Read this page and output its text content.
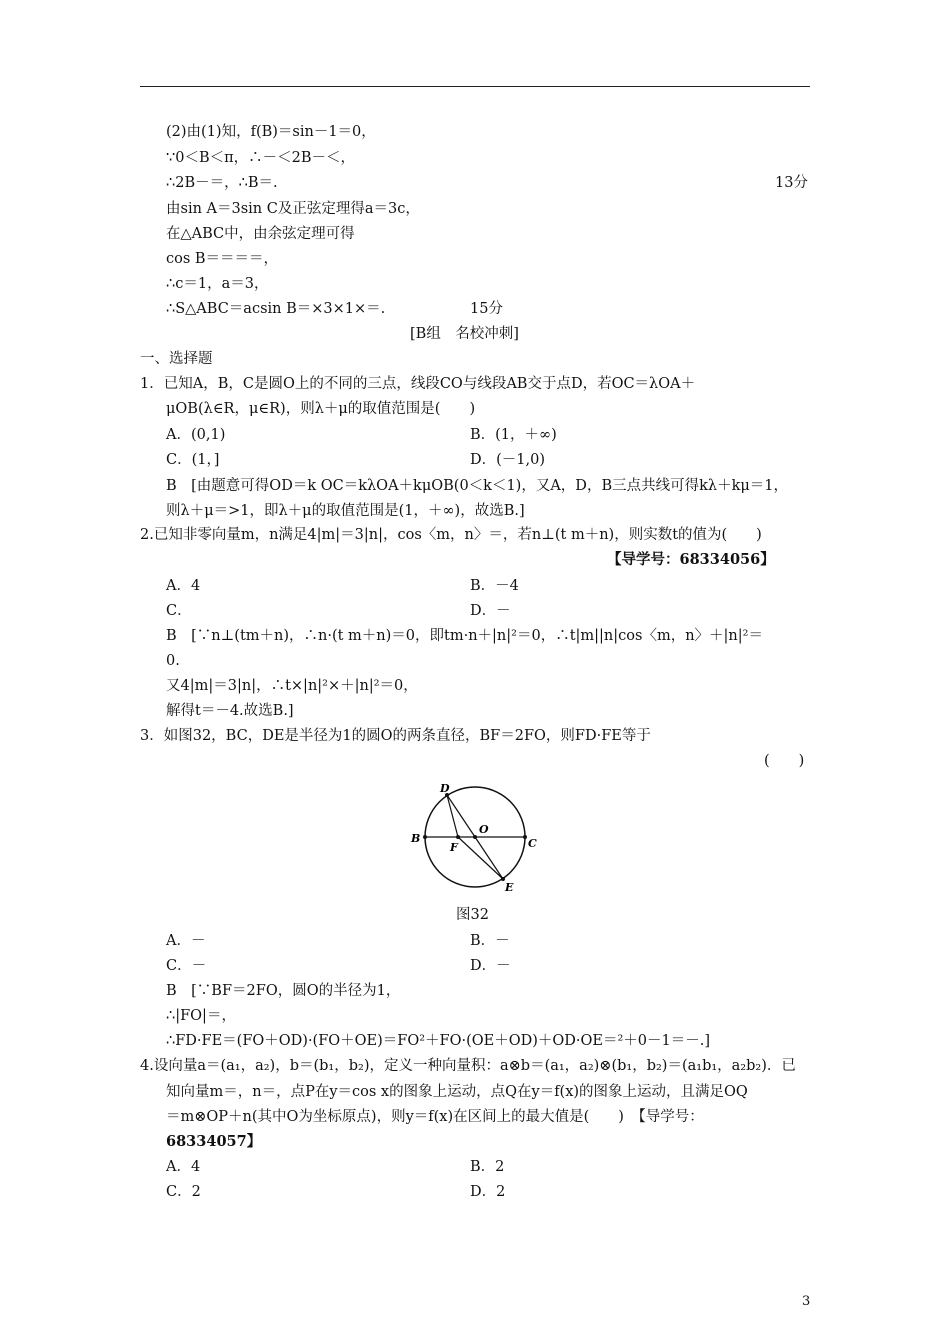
(2)由(1)知，f(B)＝sin－1＝0，
∵0＜B＜π，∴－＜2B－＜，
∴2B－＝，∴B＝.	13分
由sin A＝3sin C及正弦定理得a＝3c，
在△ABC中，由余弦定理可得
cos B＝＝＝＝，
∴c＝1，a＝3，
∴S△ABC＝acsin B＝×3×1×＝.	15分
[B组　名校冲刺]
一、选择题
1．已知A，B，C是圆O上的不同的三点，线段CO与线段AB交于点D，若OC＝λOA＋
μOB(λ∈R，μ∈R)，则λ＋μ的取值范围是(　　)
A．(0,1)	B．(1，＋∞)
C．(1，]	D．(－1,0)
B　[由题意可得OD＝k OC＝kλOA＋kμOB(0＜k＜1)，又A，D，B三点共线可得kλ＋kμ＝1，
则λ＋μ＝>1，即λ＋μ的取值范围是(1，＋∞)，故选B.]
2.已知非零向量m，n满足4|m|＝3|n|，cos〈m，n〉＝，若n⊥(t m＋n)，则实数t的值为(　　)
【导学号：68334056】
A．4	B．－4
C．	D．－
B　[∵n⊥(tm＋n)，∴n·(t m＋n)＝0，即tm·n＋|n|²＝0，∴t|m||n|cos〈m，n〉＋|n|²＝
0.
又4|m|＝3|n|，∴t×|n|²×＋|n|²＝0，
解得t＝－4.故选B.]
3．如图32，BC，DE是半径为1的圆O的两条直径，BF＝2FO，则FD·FE等于
(　　)
D
B
F
O
C
E
图32
A．－	B．－
C．－	D．－
B　[∵BF＝2FO，圆O的半径为1，
∴|FO|＝，
∴FD·FE＝(FO＋OD)·(FO＋OE)＝FO²＋FO·(OE＋OD)＋OD·OE＝²＋0－1＝－.]
4.设向量a＝(a₁，a₂)，b＝(b₁，b₂)，定义一种向量积：a⊗b＝(a₁，a₂)⊗(b₁，b₂)＝(a₁b₁，a₂b₂)．已
知向量m＝，n＝，点P在y＝cos x的图象上运动，点Q在y＝f(x)的图象上运动，且满足OQ
＝m⊗OP＋n(其中O为坐标原点)，则y＝f(x)在区间上的最大值是(　　)　【导学号：
68334057】
A．4	B．2
C．2	D．2
3
